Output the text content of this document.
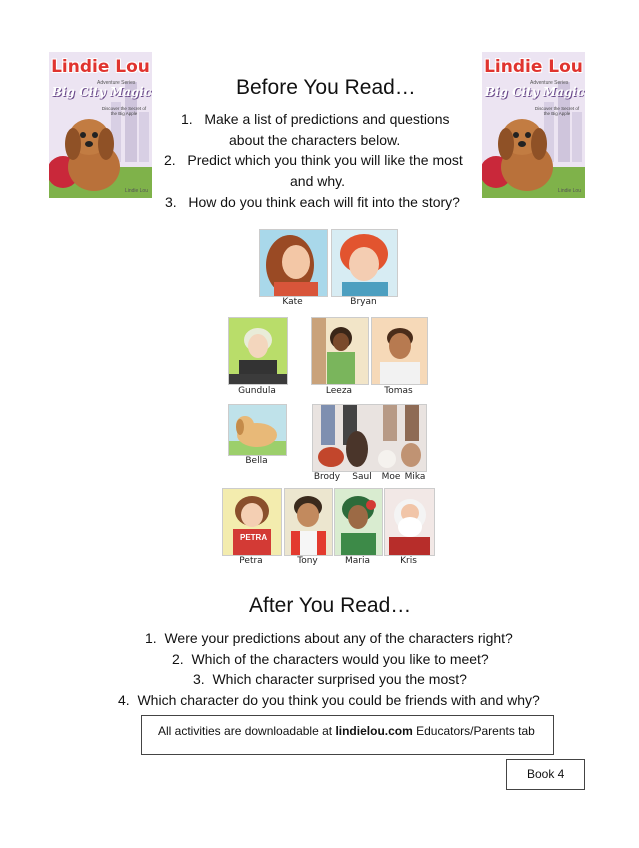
Lindie Lou
Adventure Series
Big City Magic
Discover the Secret of the Big Apple
Lindie Lou
Lindie Lou
Adventure Series
Big City Magic
Discover the Secret of the Big Apple
Lindie Lou
Before You Read…
1. Make a list of predictions and questions
about the characters below.
2. Predict which you think you will like the most
and why.
3. How do you think each will fit into the story?
Kate	Bryan
Gundula	Leeza	Tomas
Bella
Brody	Saul	Moe Mika
PETRA
Petra	Tony	Maria	Kris
After You Read…
1. Were your predictions about any of the characters right?
2. Which of the characters would you like to meet?
3. Which character surprised you the most?
4. Which character do you think you could be friends with and why?
All activities are downloadable at lindielou.com Educators/Parents tab
Book 4
